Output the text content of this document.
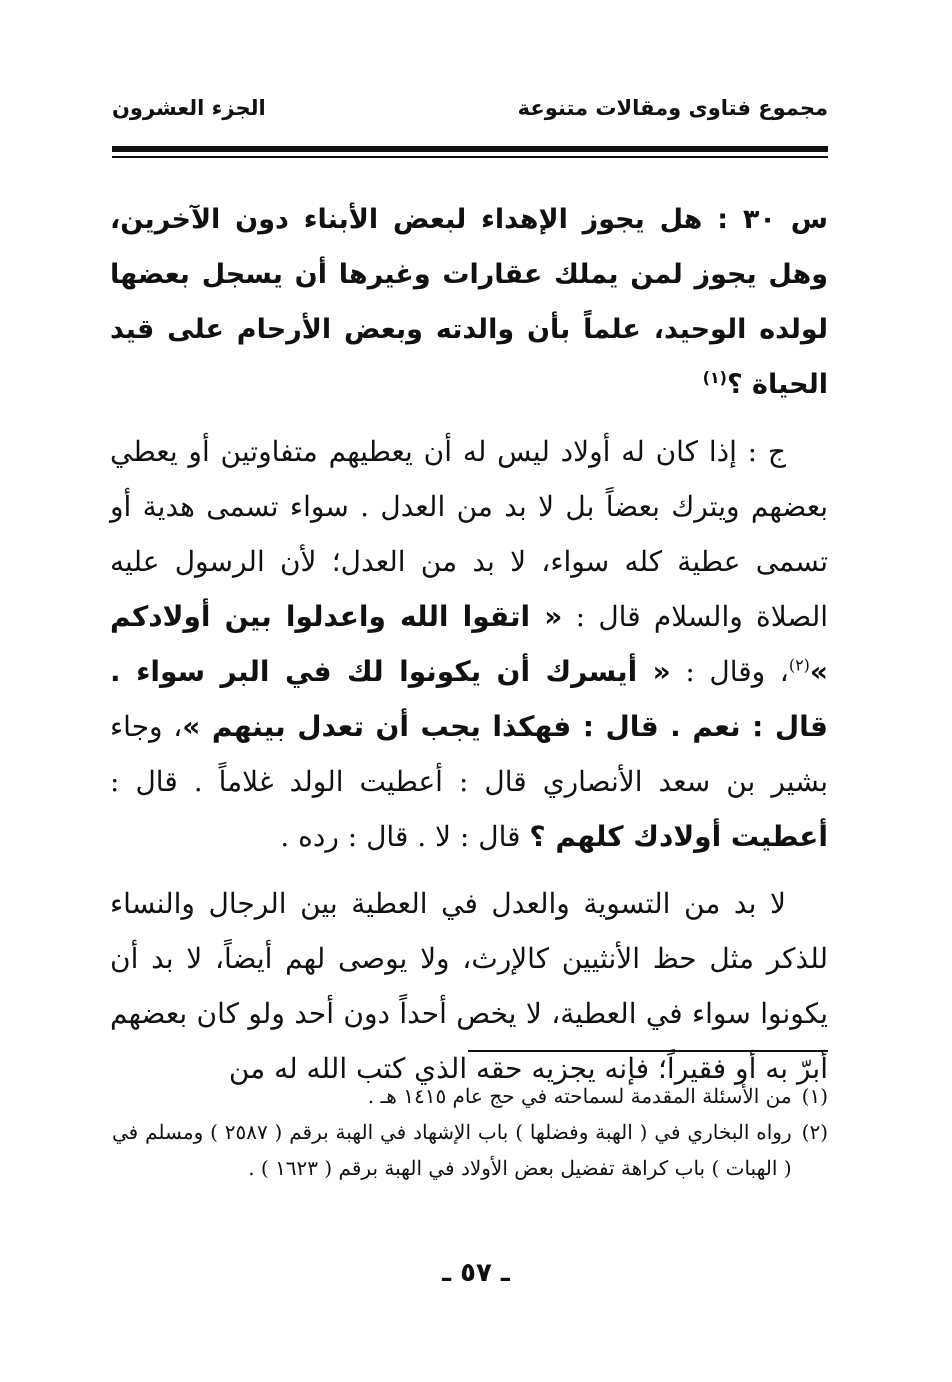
مجموع فتاوى ومقالات متنوعة
الجزء العشرون

س ٣٠ : هل يجوز الإهداء لبعض الأبناء دون الآخرين، وهل يجوز لمن يملك عقارات وغيرها أن يسجل بعضها لولده الوحيد، علماً بأن والدته وبعض الأرحام على قيد الحياة ؟$^{(١)}$

ج : إذا كان له أولاد ليس له أن يعطيهم متفاوتين أو يعطي بعضهم ويترك بعضاً بل لا بد من العدل . سواء تسمى هدية أو تسمى عطية كله سواء، لا بد من العدل؛ لأن الرسول عليه الصلاة والسلام قال : « اتقوا الله واعدلوا بين أولادكم »$^{(٢)}$، وقال : « أيسرك أن يكونوا لك في البر سواء . قال : نعم . قال : فهكذا يجب أن تعدل بينهم »، وجاء بشير بن سعد الأنصاري قال : أعطيت الولد غلاماً . قال : أعطيت أولادك كلهم ؟ قال : لا . قال : رده .

لا بد من التسوية والعدل في العطية بين الرجال والنساء للذكر مثل حظ الأنثيين كالإرث، ولا يوصى لهم أيضاً، لا بد أن يكونوا سواء في العطية، لا يخص أحداً دون أحد ولو كان بعضهم أبرّ به أو فقيراً؛ فإنه يجزيه حقه الذي كتب الله له من

(١)
من الأسئلة المقدمة لسماحته في حج عام ١٤١٥ هـ .
(٢)
رواه البخاري في ( الهبة وفضلها ) باب الإشهاد في الهبة برقم ( ٢٥٨٧ ) ومسلم في ( الهبات ) باب كراهة تفضيل بعض الأولاد في الهبة برقم ( ١٦٢٣ ) .
ـ ٥٧ ـ
